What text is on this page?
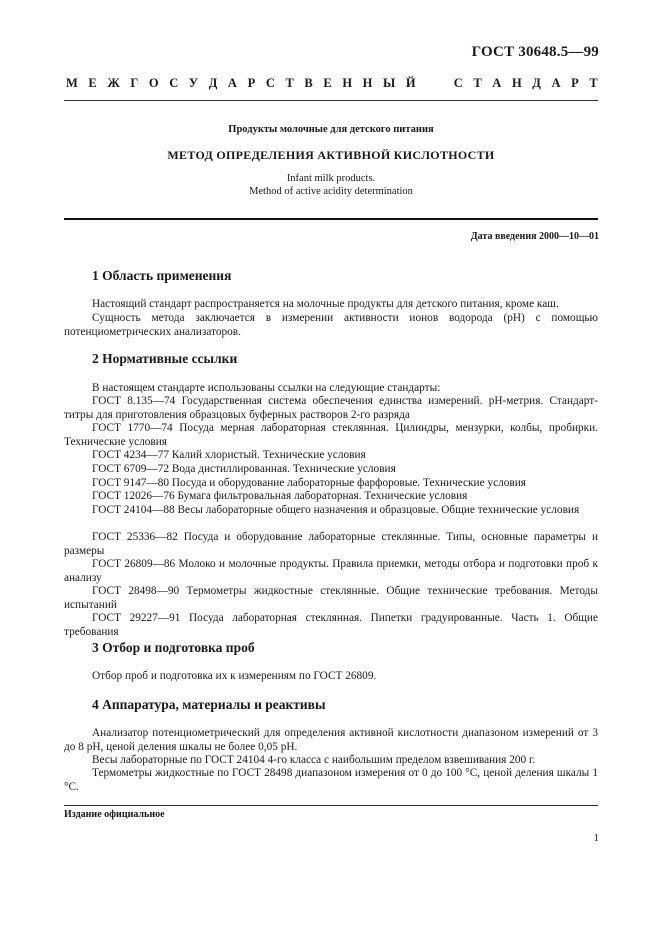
ГОСТ 30648.5—99
М Е Ж Г О С У Д А Р С Т В Е Н Н Ы Й

	С Т А Н Д А Р Т
Продукты молочные для детского питания
МЕТОД ОПРЕДЕЛЕНИЯ АКТИВНОЙ КИСЛОТНОСТИ
Infant milk products.
Method of active acidity determination
Дата введения 2000—10—01
1 Область применения
Настоящий стандарт распространяется на молочные продукты для детского питания, кроме каш.
Сущность метода заключается в измерении активности ионов водорода (pH) с помощью потенциометрических анализаторов.
2 Нормативные ссылки
В настоящем стандарте использованы ссылки на следующие стандарты:
ГОСТ 8.135—74 Государственная система обеспечения единства измерений. pH-метрия. Стандарт-титры для приготовления образцовых буферных растворов 2-го разряда
ГОСТ 1770—74 Посуда мерная лабораторная стеклянная. Цилиндры, мензурки, колбы, пробирки. Технические условия
ГОСТ 4234—77 Калий хлористый. Технические условия
ГОСТ 6709—72 Вода дистиллированная. Технические условия
ГОСТ 9147—80 Посуда и оборудование лабораторные фарфоровые. Технические условия
ГОСТ 12026—76 Бумага фильтровальная лабораторная. Технические условия
ГОСТ 24104—88 Весы лабораторные общего назначения и образцовые. Общие технические условия
ГОСТ 25336—82 Посуда и оборудование лабораторные стеклянные. Типы, основные параметры и размеры
ГОСТ 26809—86 Молоко и молочные продукты. Правила приемки, методы отбора и подготовки проб к анализу
ГОСТ 28498—90 Термометры жидкостные стеклянные. Общие технические требования. Методы испытаний
ГОСТ 29227—91 Посуда лабораторная стеклянная. Пипетки градуированные. Часть 1. Общие требования
3 Отбор и подготовка проб
Отбор проб и подготовка их к измерениям по ГОСТ 26809.
4 Аппаратура, материалы и реактивы
Анализатор потенциометрический для определения активной кислотности диапазоном измерений от 3 до 8 pH, ценой деления шкалы не более 0,05 pH.
Весы лабораторные по ГОСТ 24104 4-го класса с наибольшим пределом взвешивания 200 г.
Термометры жидкостные по ГОСТ 28498 диапазоном измерения от 0 до 100 °С, ценой деления шкалы 1 °С.
Издание официальное
1
